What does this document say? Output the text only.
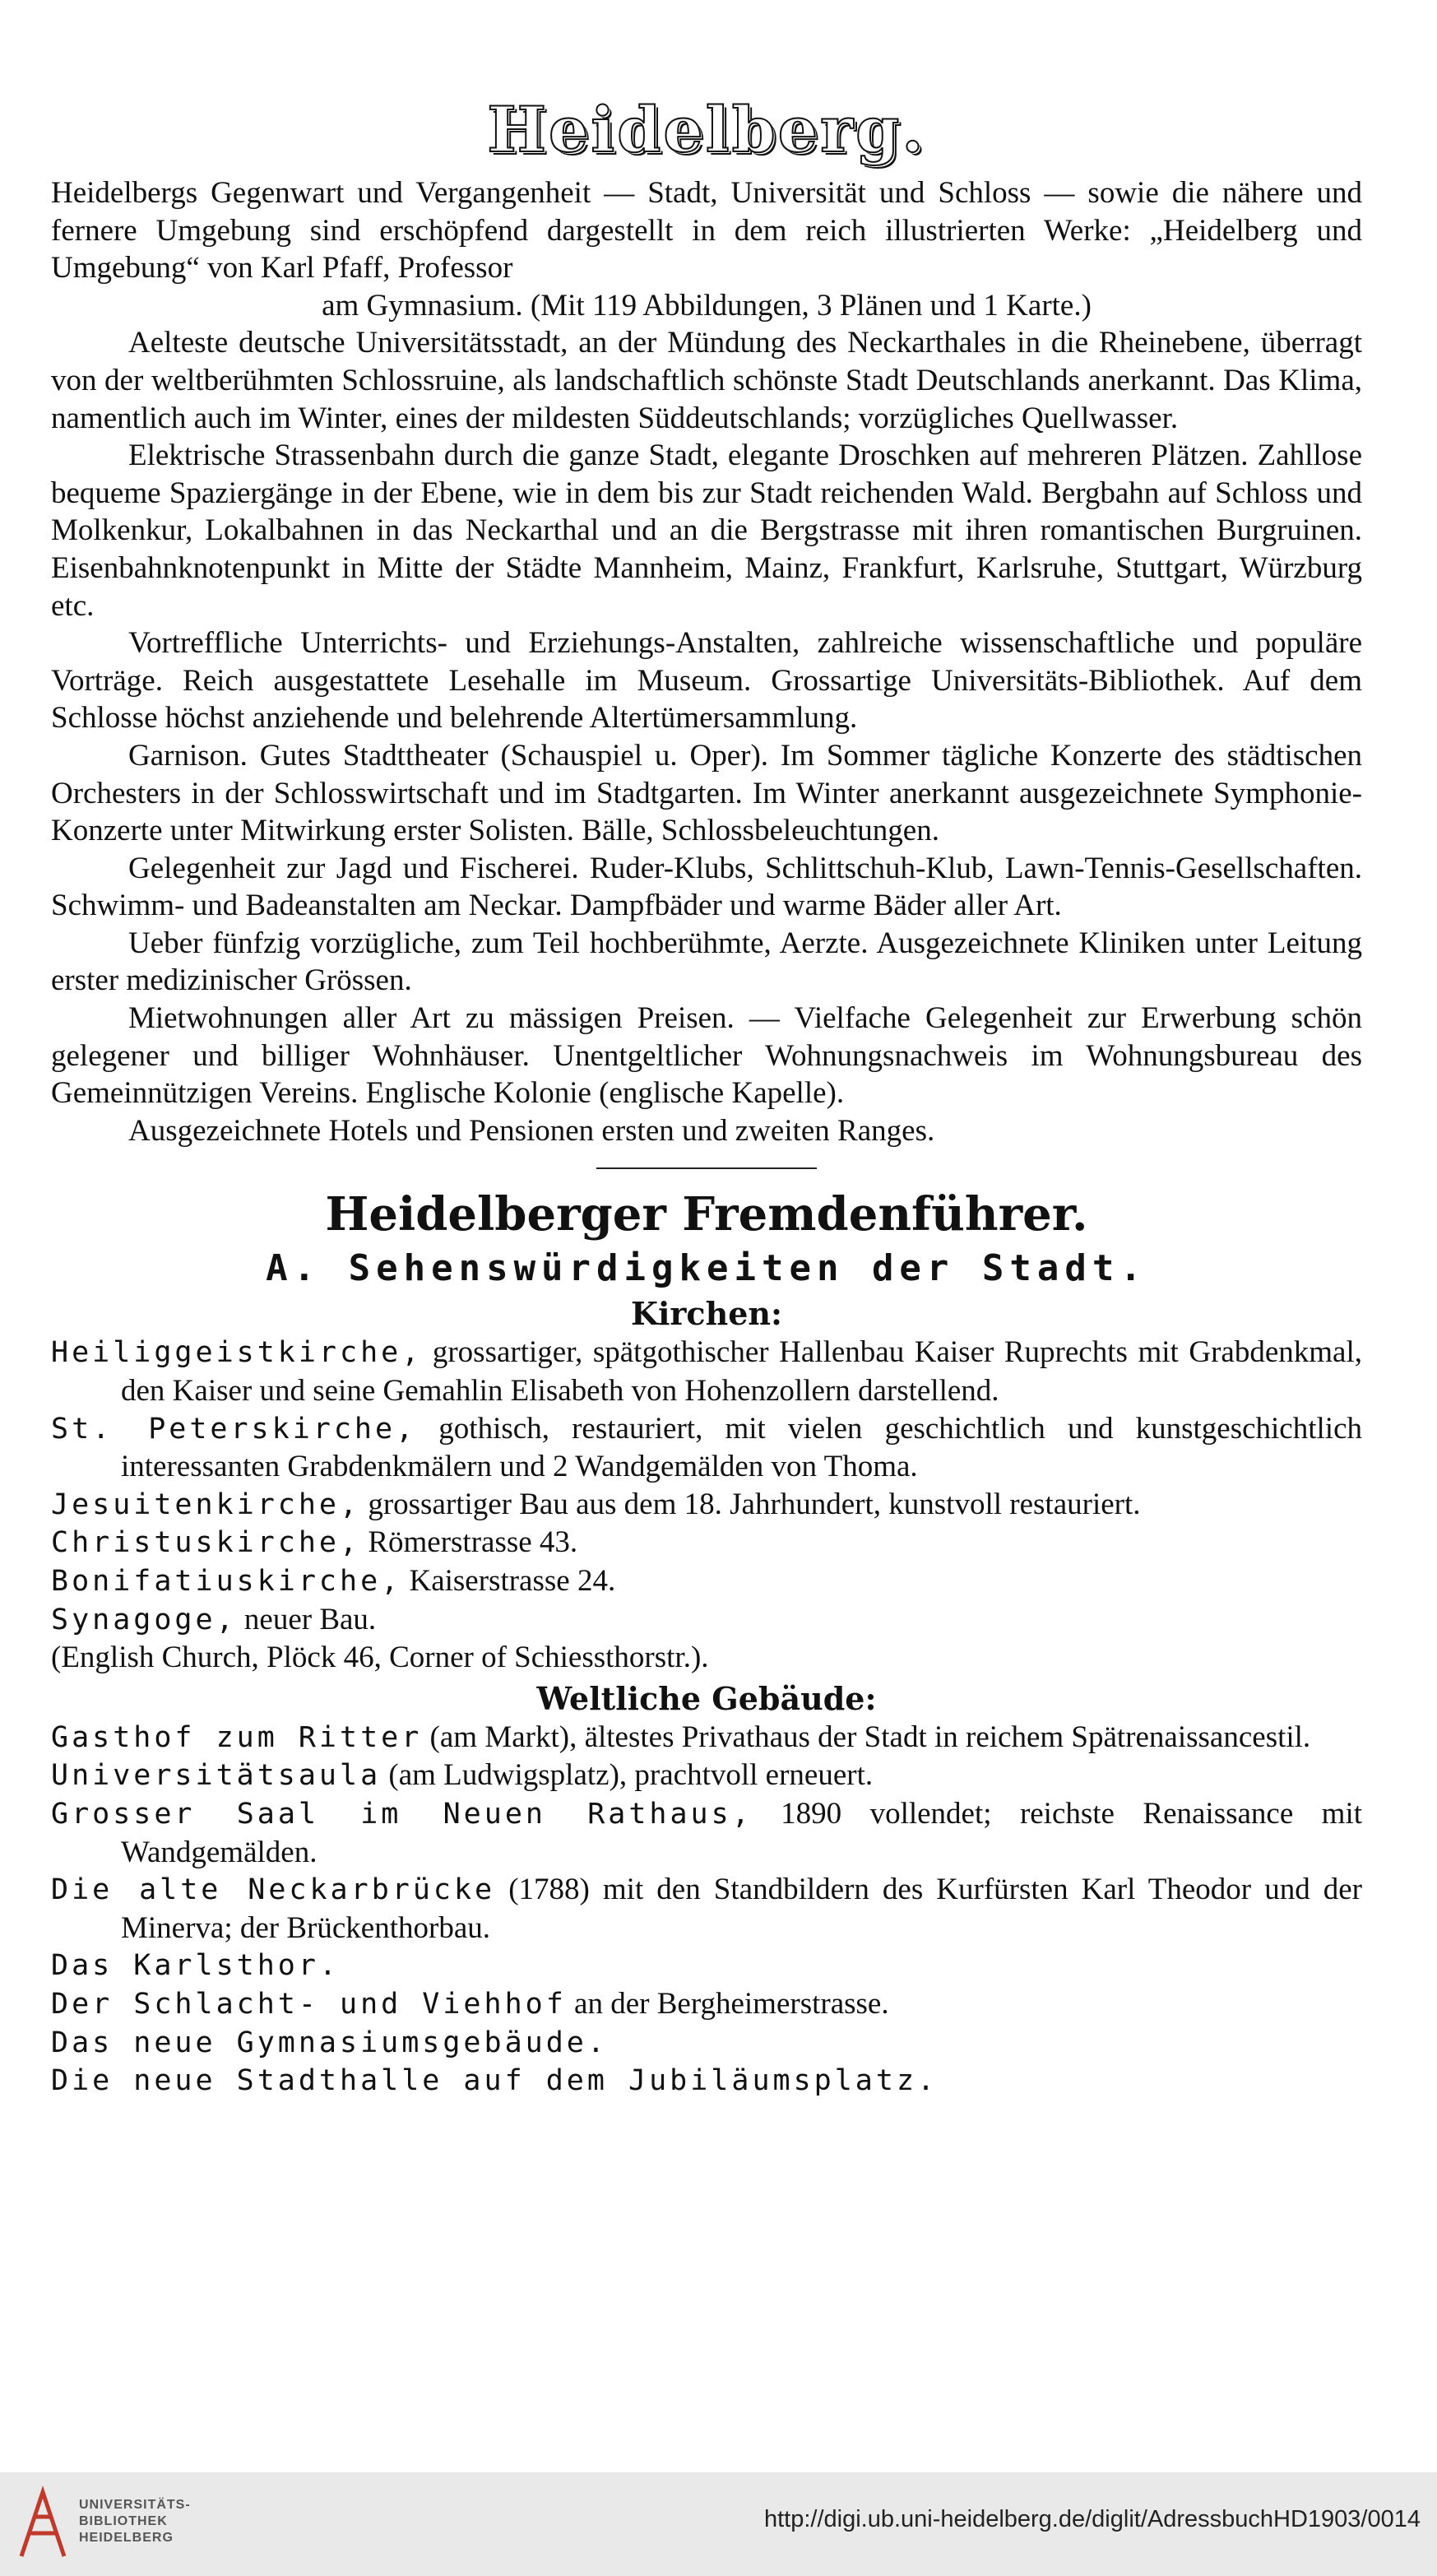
Heidelberg.
Heidelbergs Gegenwart und Vergangenheit — Stadt, Universität und Schloss — sowie die nähere und fernere Umgebung sind erschöpfend dargestellt in dem reich illustrierten Werke: „Heidelberg und Umgebung“ von Karl Pfaff, Professor
am Gymnasium. (Mit 119 Abbildungen, 3 Plänen und 1 Karte.)
Aelteste deutsche Universitätsstadt, an der Mündung des Neckarthales in die Rheinebene, überragt von der weltberühmten Schlossruine, als landschaftlich schönste Stadt Deutschlands anerkannt. Das Klima, namentlich auch im Winter, eines der mildesten Süddeutschlands; vorzügliches Quellwasser.
Elektrische Strassenbahn durch die ganze Stadt, elegante Droschken auf mehreren Plätzen. Zahllose bequeme Spaziergänge in der Ebene, wie in dem bis zur Stadt reichenden Wald. Bergbahn auf Schloss und Molkenkur, Lokalbahnen in das Neckarthal und an die Bergstrasse mit ihren romantischen Burgruinen. Eisenbahnknotenpunkt in Mitte der Städte Mannheim, Mainz, Frankfurt, Karlsruhe, Stuttgart, Würzburg etc.
Vortreffliche Unterrichts- und Erziehungs-Anstalten, zahlreiche wissenschaftliche und populäre Vorträge. Reich ausgestattete Lesehalle im Museum. Grossartige Universitäts-Bibliothek. Auf dem Schlosse höchst anziehende und belehrende Altertümersammlung.
Garnison. Gutes Stadttheater (Schauspiel u. Oper). Im Sommer tägliche Konzerte des städtischen Orchesters in der Schlosswirtschaft und im Stadtgarten. Im Winter anerkannt ausgezeichnete Symphonie-Konzerte unter Mitwirkung erster Solisten. Bälle, Schlossbeleuchtungen.
Gelegenheit zur Jagd und Fischerei. Ruder-Klubs, Schlittschuh-Klub, Lawn-Tennis-Gesellschaften. Schwimm- und Badeanstalten am Neckar. Dampfbäder und warme Bäder aller Art.
Ueber fünfzig vorzügliche, zum Teil hochberühmte, Aerzte. Ausgezeichnete Kliniken unter Leitung erster medizinischer Grössen.
Mietwohnungen aller Art zu mässigen Preisen. — Vielfache Gelegenheit zur Erwerbung schön gelegener und billiger Wohnhäuser. Unentgeltlicher Wohnungsnachweis im Wohnungsbureau des Gemeinnützigen Vereins. Englische Kolonie (englische Kapelle).
Ausgezeichnete Hotels und Pensionen ersten und zweiten Ranges.
Heidelberger Fremdenführer.
A. Sehenswürdigkeiten der Stadt.
Kirchen:
Heiliggeistkirche, grossartiger, spätgothischer Hallenbau Kaiser Ruprechts mit Grabdenkmal, den Kaiser und seine Gemahlin Elisabeth von Hohenzollern darstellend.
St. Peterskirche, gothisch, restauriert, mit vielen geschichtlich und kunstgeschichtlich interessanten Grabdenkmälern und 2 Wandgemälden von Thoma.
Jesuitenkirche, grossartiger Bau aus dem 18. Jahrhundert, kunstvoll restauriert.
Christuskirche, Römerstrasse 43.
Bonifatiuskirche, Kaiserstrasse 24.
Synagoge, neuer Bau.
(English Church, Plöck 46, Corner of Schiessthorstr.).
Weltliche Gebäude:
Gasthof zum Ritter (am Markt), ältestes Privathaus der Stadt in reichem Spätrenaissancestil.
Universitätsaula (am Ludwigsplatz), prachtvoll erneuert.
Grosser Saal im Neuen Rathaus, 1890 vollendet; reichste Renaissance mit Wandgemälden.
Die alte Neckarbrücke (1788) mit den Standbildern des Kurfürsten Karl Theodor und der Minerva; der Brückenthorbau.
Das Karlsthor.
Der Schlacht- und Viehhof an der Bergheimerstrasse.
Das neue Gymnasiumsgebäude.
Die neue Stadthalle auf dem Jubiläumsplatz.
UNIVERSITÄTS-
BIBLIOTHEK
HEIDELBERG
http://digi.ub.uni-heidelberg.de/diglit/AdressbuchHD1903/0014
